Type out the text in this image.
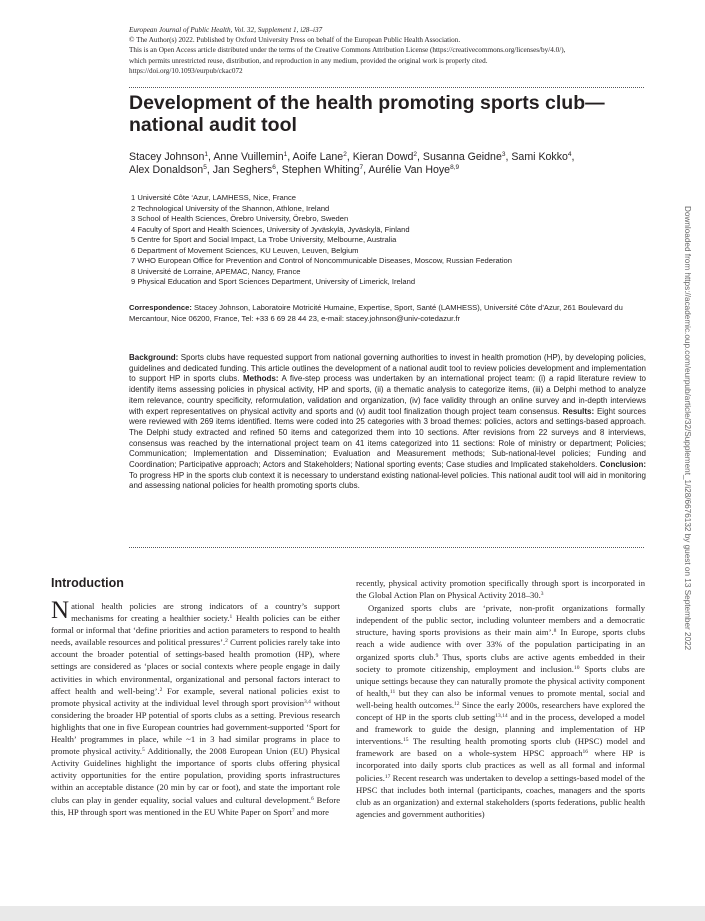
European Journal of Public Health, Vol. 32, Supplement 1, i28–i37
© The Author(s) 2022. Published by Oxford University Press on behalf of the European Public Health Association.
This is an Open Access article distributed under the terms of the Creative Commons Attribution License (https://creativecommons.org/licenses/by/4.0/),
which permits unrestricted reuse, distribution, and reproduction in any medium, provided the original work is properly cited.
https://doi.org/10.1093/eurpub/ckac072
Development of the health promoting sports club—
national audit tool
Stacey Johnson$^1$, Anne Vuillemin$^1$, Aoife Lane$^2$, Kieran Dowd$^2$, Susanna Geidne$^3$, Sami Kokko$^4$,
Alex Donaldson$^5$, Jan Seghers$^6$, Stephen Whiting$^7$, Aurélie Van Hoye$^{8,9}$
1 Université Côte ‘Azur, LAMHESS, Nice, France
2 Technological University of the Shannon, Athlone, Ireland
3 School of Health Sciences, Örebro University, Örebro, Sweden
4 Faculty of Sport and Health Sciences, University of Jyväskylä, Jyväskylä, Finland
5 Centre for Sport and Social Impact, La Trobe University, Melbourne, Australia
6 Department of Movement Sciences, KU Leuven, Leuven, Belgium
7 WHO European Office for Prevention and Control of Noncommunicable Diseases, Moscow, Russian Federation
8 Université de Lorraine, APEMAC, Nancy, France
9 Physical Education and Sport Sciences Department, University of Limerick, Ireland
Correspondence: Stacey Johnson, Laboratoire Motricité Humaine, Expertise, Sport, Santé (LAMHESS), Université Côte d’Azur, 261 Boulevard du Mercantour, Nice 06200, France, Tel: +33 6 69 28 44 23, e-mail: stacey.johnson@univ-cotedazur.fr
Background: Sports clubs have requested support from national governing authorities to invest in health promotion (HP), by developing policies, guidelines and dedicated funding. This article outlines the development of a national audit tool to review policies development and implementation to support HP in sports clubs. Methods: A five-step process was undertaken by an international project team: (i) a rapid literature review to identify items assessing policies in physical activity, HP and sports, (ii) a thematic analysis to categorize items, (iii) a Delphi method to analyze item relevance, country specificity, reformulation, validation and organization, (iv) face validity through an online survey and in-depth interviews with expert representatives on physical activity and sports and (v) audit tool finalization though project team consensus. Results: Eight sources were reviewed with 269 items identified. Items were coded into 25 categories with 3 broad themes: policies, actors and settings-based approach. The Delphi study extracted and refined 50 items and categorized them into 10 sections. After revisions from 22 surveys and 8 interviews, consensus was reached by the international project team on 41 items categorized into 11 sections: Role of ministry or department; Policies; Communication; Implementation and Dissemination; Evaluation and Measurement methods; Sub-national-level policies; Funding and Coordination; Participative approach; Actors and Stakeholders; National sporting events; Case studies and Implicated stakeholders. Conclusion: To progress HP in the sports club context it is necessary to understand existing national-level policies. This national audit tool will aid in monitoring and assessing national policies for health promoting sports clubs.
Introduction

National health policies are strong indicators of a country’s support mechanisms for creating a healthier society.$^1$ Health policies can be either formal or informal that ‘define priorities and action parameters to respond to health needs, available resources and political pressures’.$^2$ Current policies rarely take into account the broader potential of settings-based health promotion (HP), where settings are considered as ‘places or social contexts where people engage in daily activities in which environmental, organizational and personal factors interact to affect health and well-being’.$^2$ For example, several national policies exist to promote physical activity at the individual level through sport provision$^{3,4}$ without considering the broader HP potential of sports clubs as a setting. Previous research highlights that one in five European countries had government-supported ‘Sport for Health’ programmes in place, while ~1 in 3 had similar programs in place to promote physical activity.$^5$ Additionally, the 2008 European Union (EU) Physical Activity Guidelines highlight the importance of sports clubs offering physical activity opportunities for the entire population, providing sports infrastructures within an acceptable distance (20 min by car or foot), and state the important role clubs can play in gender equality, social values and cultural development.$^6$ Before this, HP through sport was mentioned in the EU White Paper on Sport$^7$ and more

recently, physical activity promotion specifically through sport is incorporated in the Global Action Plan on Physical Activity 2018–30.$^3$

Organized sports clubs are ‘private, non-profit organizations formally independent of the public sector, including volunteer members and a democratic structure, having sports provisions as their main aim’.$^8$ In Europe, sports clubs reach a wide audience with over 33% of the population participating in an organized sports club.$^9$ Thus, sports clubs are active agents embedded in their society to promote citizenship, employment and inclusion.$^{10}$ Sports clubs are unique settings because they can naturally promote the physical activity component of health,$^{11}$ but they can also be informal venues to promote mental, social and well-being health outcomes.$^{12}$ Since the early 2000s, researchers have explored the concept of HP in the sports club setting$^{13,14}$ and in the process, developed a model and framework to guide the design, planning and implementation of HP interventions.$^{15}$ The resulting health promoting sports club (HPSC) model and framework are based on a whole-system HPSC approach$^{16}$ where HP is incorporated into daily sports club practices as well as all formal and informal policies.$^{17}$ Recent research was undertaken to develop a settings-based model of the HPSC that includes both internal (participants, coaches, managers and the sports club as an organization) and external stakeholders (sports federations, public health agencies and government authorities)

Downloaded from https://academic.oup.com/eurpub/article/32/Supplement_1/i28/6676132 by guest on 13 September 2022
